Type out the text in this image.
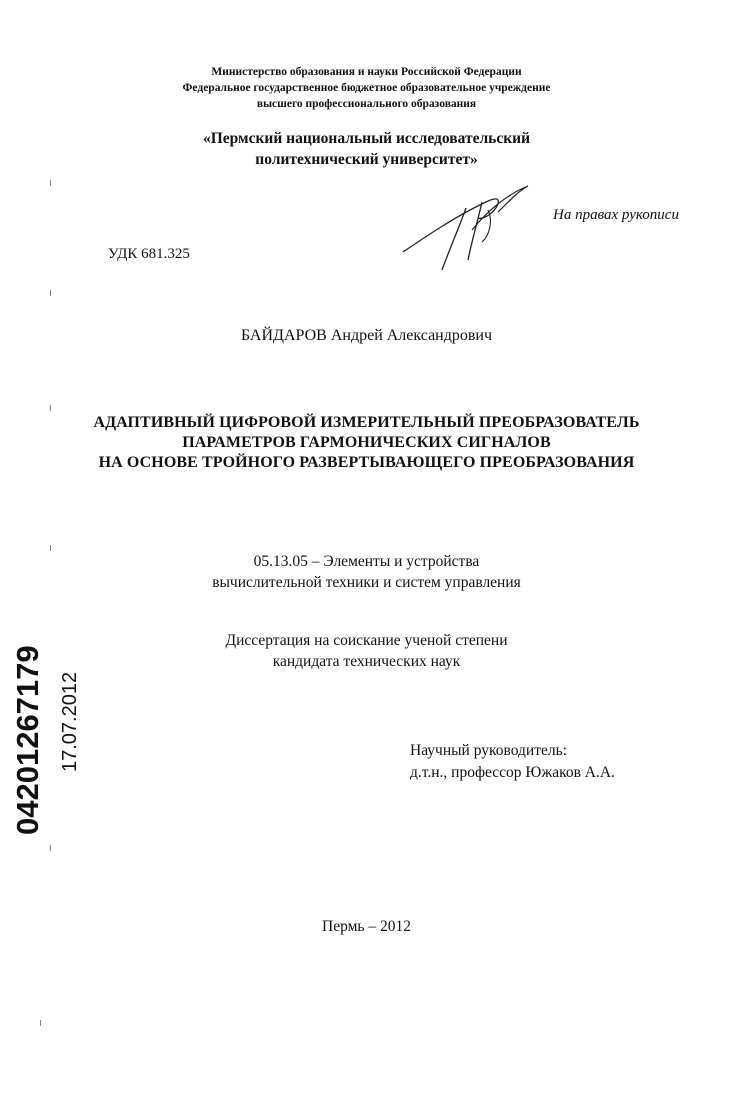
04201267179 17.07.2012
Министерство образования и науки Российской Федерации
Федеральное государственное бюджетное образовательное учреждение
высшего профессионального образования
«Пермский национальный исследовательский
политехнический университет»
На правах рукописи
УДК 681.325
БАЙДАРОВ Андрей Александрович
АДАПТИВНЫЙ ЦИФРОВОЙ ИЗМЕРИТЕЛЬНЫЙ ПРЕОБРАЗОВАТЕЛЬ
ПАРАМЕТРОВ ГАРМОНИЧЕСКИХ СИГНАЛОВ
НА ОСНОВЕ ТРОЙНОГО РАЗВЕРТЫВАЮЩЕГО ПРЕОБРАЗОВАНИЯ
05.13.05 – Элементы и устройства
вычислительной техники и систем управления
Диссертация на соискание ученой степени
кандидата технических наук
Научный руководитель:
д.т.н., профессор Южаков А.А.
Пермь – 2012
